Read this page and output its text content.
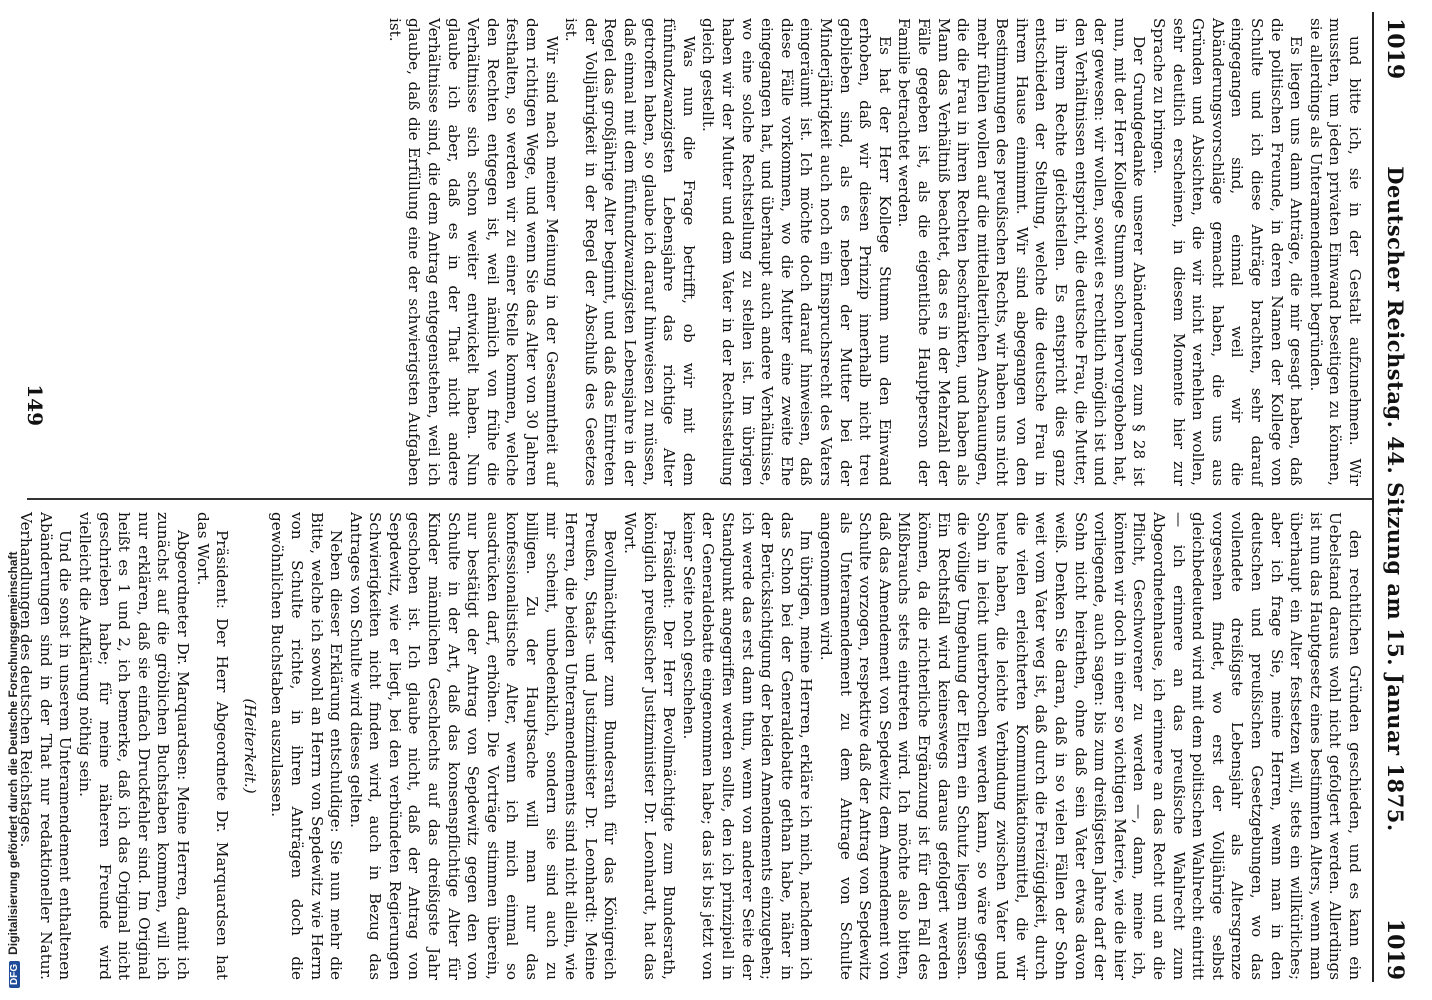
1019
Deutscher Reichstag. 44. Sitzung am 15. Januar 1875.
1019

und bitte ich, sie in der Gestalt aufzunehmen. Wir mussten, um jeden privaten Einwand beseitigen zu können, sie allerdings als Unteramendement begründen.

Es liegen uns dann Anträge, die mir gesagt haben, daß die politischen Freunde, in deren Namen der Kollege von Schulte und ich diese Anträge brachten, sehr darauf eingegangen sind, einmal weil wir die Abänderungsvorschläge gemacht haben, die uns aus Gründen und Absichten, die wir nicht verhehlen wollen, sehr deutlich erscheinen, in diesem Momente hier zur Sprache zu bringen.

Der Grundgedanke unserer Abänderungen zum § 28 ist nun, mit der Herr Kollege Stumm schon hervorgehoben hat, der gewesen: wir wollen, soweit es rechtlich möglich ist und den Verhältnissen entspricht, die deutsche Frau, die Mutter, in ihrem Rechte gleichstellen. Es entspricht dies ganz entschieden der Stellung, welche die deutsche Frau in ihrem Hause einnimmt. Wir sind abgegangen von den Bestimmungen des preußischen Rechts, wir haben uns nicht mehr fühlen wollen auf die mittelalterlichen Anschauungen, die die Frau in ihren Rechten beschränkten, und haben als Mann das Verhältniß beachtet, das es in der Mehrzahl der Fälle gegeben ist, als die eigentliche Hauptperson der Familie betrachtet werden.

Es hat der Herr Kollege Stumm nun den Einwand erhoben, daß wir diesen Prinzip innerhalb nicht treu geblieben sind, als es neben der Mutter bei der Minderjährigkeit auch noch ein Einspruchsrecht des Vaters eingeräumt ist. Ich möchte doch darauf hinweisen, daß diese Fälle vorkommen, wo die Mutter eine zweite Ehe eingegangen hat, und überhaupt auch andere Verhältnisse, wo eine solche Rechtstellung zu stellen ist. Im übrigen haben wir der Mutter und dem Vater in der Rechtsstellung gleich gestellt.

Was nun die Frage betrifft, ob wir mit dem fünfundzwanzigsten Lebensjahre das richtige Alter getroffen haben, so glaube ich darauf hinweisen zu müssen, daß einmal mit dem fünfundzwanzigsten Lebensjahre in der Regel das großjährige Alter beginnt, und daß das Eintreten der Volljährigkeit in der Regel der Abschluß des Gesetzes ist.

Wir sind nach meiner Meinung in der Gesammtheit auf dem richtigen Wege, und wenn Sie das Alter von 30 Jahren festhalten, so werden wir zu einer Stelle kommen, welche den Rechten entgegen ist, weil nämlich von frühe die Verhältnisse sich schon weiter entwickelt haben. Nun glaube ich aber, daß es in der That nicht andere Verhältnisse sind, die dem Antrag entgegenstehen, weil ich glaube, daß die Erfüllung eine der schwierigsten Aufgaben ist.

149

den rechtlichen Gründen geschieden, und es kann ein Uebelstand daraus wohl nicht gefolgert werden. Allerdings ist nun das Hauptgesetz eines bestimmten Alters, wenn man überhaupt ein Alter festsetzen will, stets ein willkürliches; aber ich frage Sie, meine Herren, wenn man in den deutschen und preußischen Gesetzgebungen, wo das vollendete dreißigste Lebensjahr als Altersgrenze vorgesehen findet, wo erst der Volljährige selbst gleichbedeutend wird mit dem politischen Wahlrecht eintritt — ich erinnere an das preußische Wahlrecht zum Abgeordnetenhause, ich erinnere an das Recht und an die Pflicht, Geschworener zu werden —, dann, meine ich, könnten wir doch in einer so wichtigen Materie, wie die hier vorliegende, auch sagen: bis zum dreißigsten Jahre darf der Sohn nicht heirathen, ohne daß sein Vater etwas davon weiß. Denken Sie daran, daß in so vielen Fällen der Sohn weit vom Vater weg ist, daß durch die Freizügigkeit, durch die vielen erleichterten Kommunikationsmittel, die wir heute haben, die leichte Verbindung zwischen Vater und Sohn in leicht unterbrochen werden kann, so wäre gegen die völlige Umgehung der Eltern ein Schutz liegen müssen. Ein Rechtsfall wird keineswegs daraus gefolgert werden können, da die richterliche Ergänzung ist für den Fall des Mißbrauchs stets eintreten wird. Ich möchte also bitten, daß das Amendement von Sepdewitz dem Amendement von Schulte vorzogen, respektive daß der Antrag von Sepdewitz als Unteramendement zu dem Antrage von Schulte angenommen wird.

Im übrigen, meine Herren, erkläre ich mich, nachdem ich das Schon bei der Generaldebatte gethan habe, näher in der Berücksichtigung der beiden Amendements einzugehen; ich werde das erst dann thun, wenn von anderer Seite der Standpunkt angegriffen werden sollte, den ich prinzipiell in der Generaldebatte eingenommen habe; das ist bis jetzt von keiner Seite noch geschehen.

Präsident: Der Herr Bevollmächtigte zum Bundesrath, königlich preußischer Justizminister Dr. Leonhardt, hat das Wort.

Bevollmächtigter zum Bundesrath für das Königreich Preußen, Staats- und Justizminister Dr. Leonhardt: Meine Herren, die beiden Unteramendements sind nicht allein, wie mir scheint, unbedenklich, sondern sie sind auch zu billigen. Zu der Hauptsache will man nur das konfessionalistische Alter, wenn ich mich einmal so ausdrücken darf, erhöhen. Die Vorträge stimmen überein, nur bestätigt der Antrag von Sepdewitz gegen den von Schulte in der Art, daß das konsenspflichtige Alter für Kinder männlichen Geschlechts auf das dreißigste Jahr geschoben ist. Ich glaube nicht, daß der Antrag von Sepdewitz, wie er liegt, bei den verbündeten Regierungen Schwierigkeiten nicht finden wird, auch in Bezug das Antrages von Schulte wird dieses gelten.

Neben dieser Erklärung entschuldige: Sie nun mehr die Bitte, welche ich sowohl an Herrn von Sepdewitz wie Herrn von Schulte richte, in ihren Anträgen doch die gewöhnlichen Buchstaben auszulassen.

(Heiterkeit.)

Präsident: Der Herr Abgeordnete Dr. Marquardsen hat das Wort.

Abgeordneter Dr. Marquardsen: Meine Herren, damit ich zunächst auf die gröblichen Buchstaben kommen, will ich nur erklären, daß sie einfach Druckfehler sind. Im Original heißt es 1 und 2, ich bemerke, daß ich das Original nicht geschrieben habe; für meine näheren Freunde wird vielleicht die Aufklärung nöthig sein.

Und die sonst in unserem Unteramendement enthaltenen Abänderungen sind in der That nur redaktioneller Natur. Verhandlungen des deutschen Reichstages.

DFGDigitalisierung gefördert durch die Deutsche Forschungsgemeinschaft
